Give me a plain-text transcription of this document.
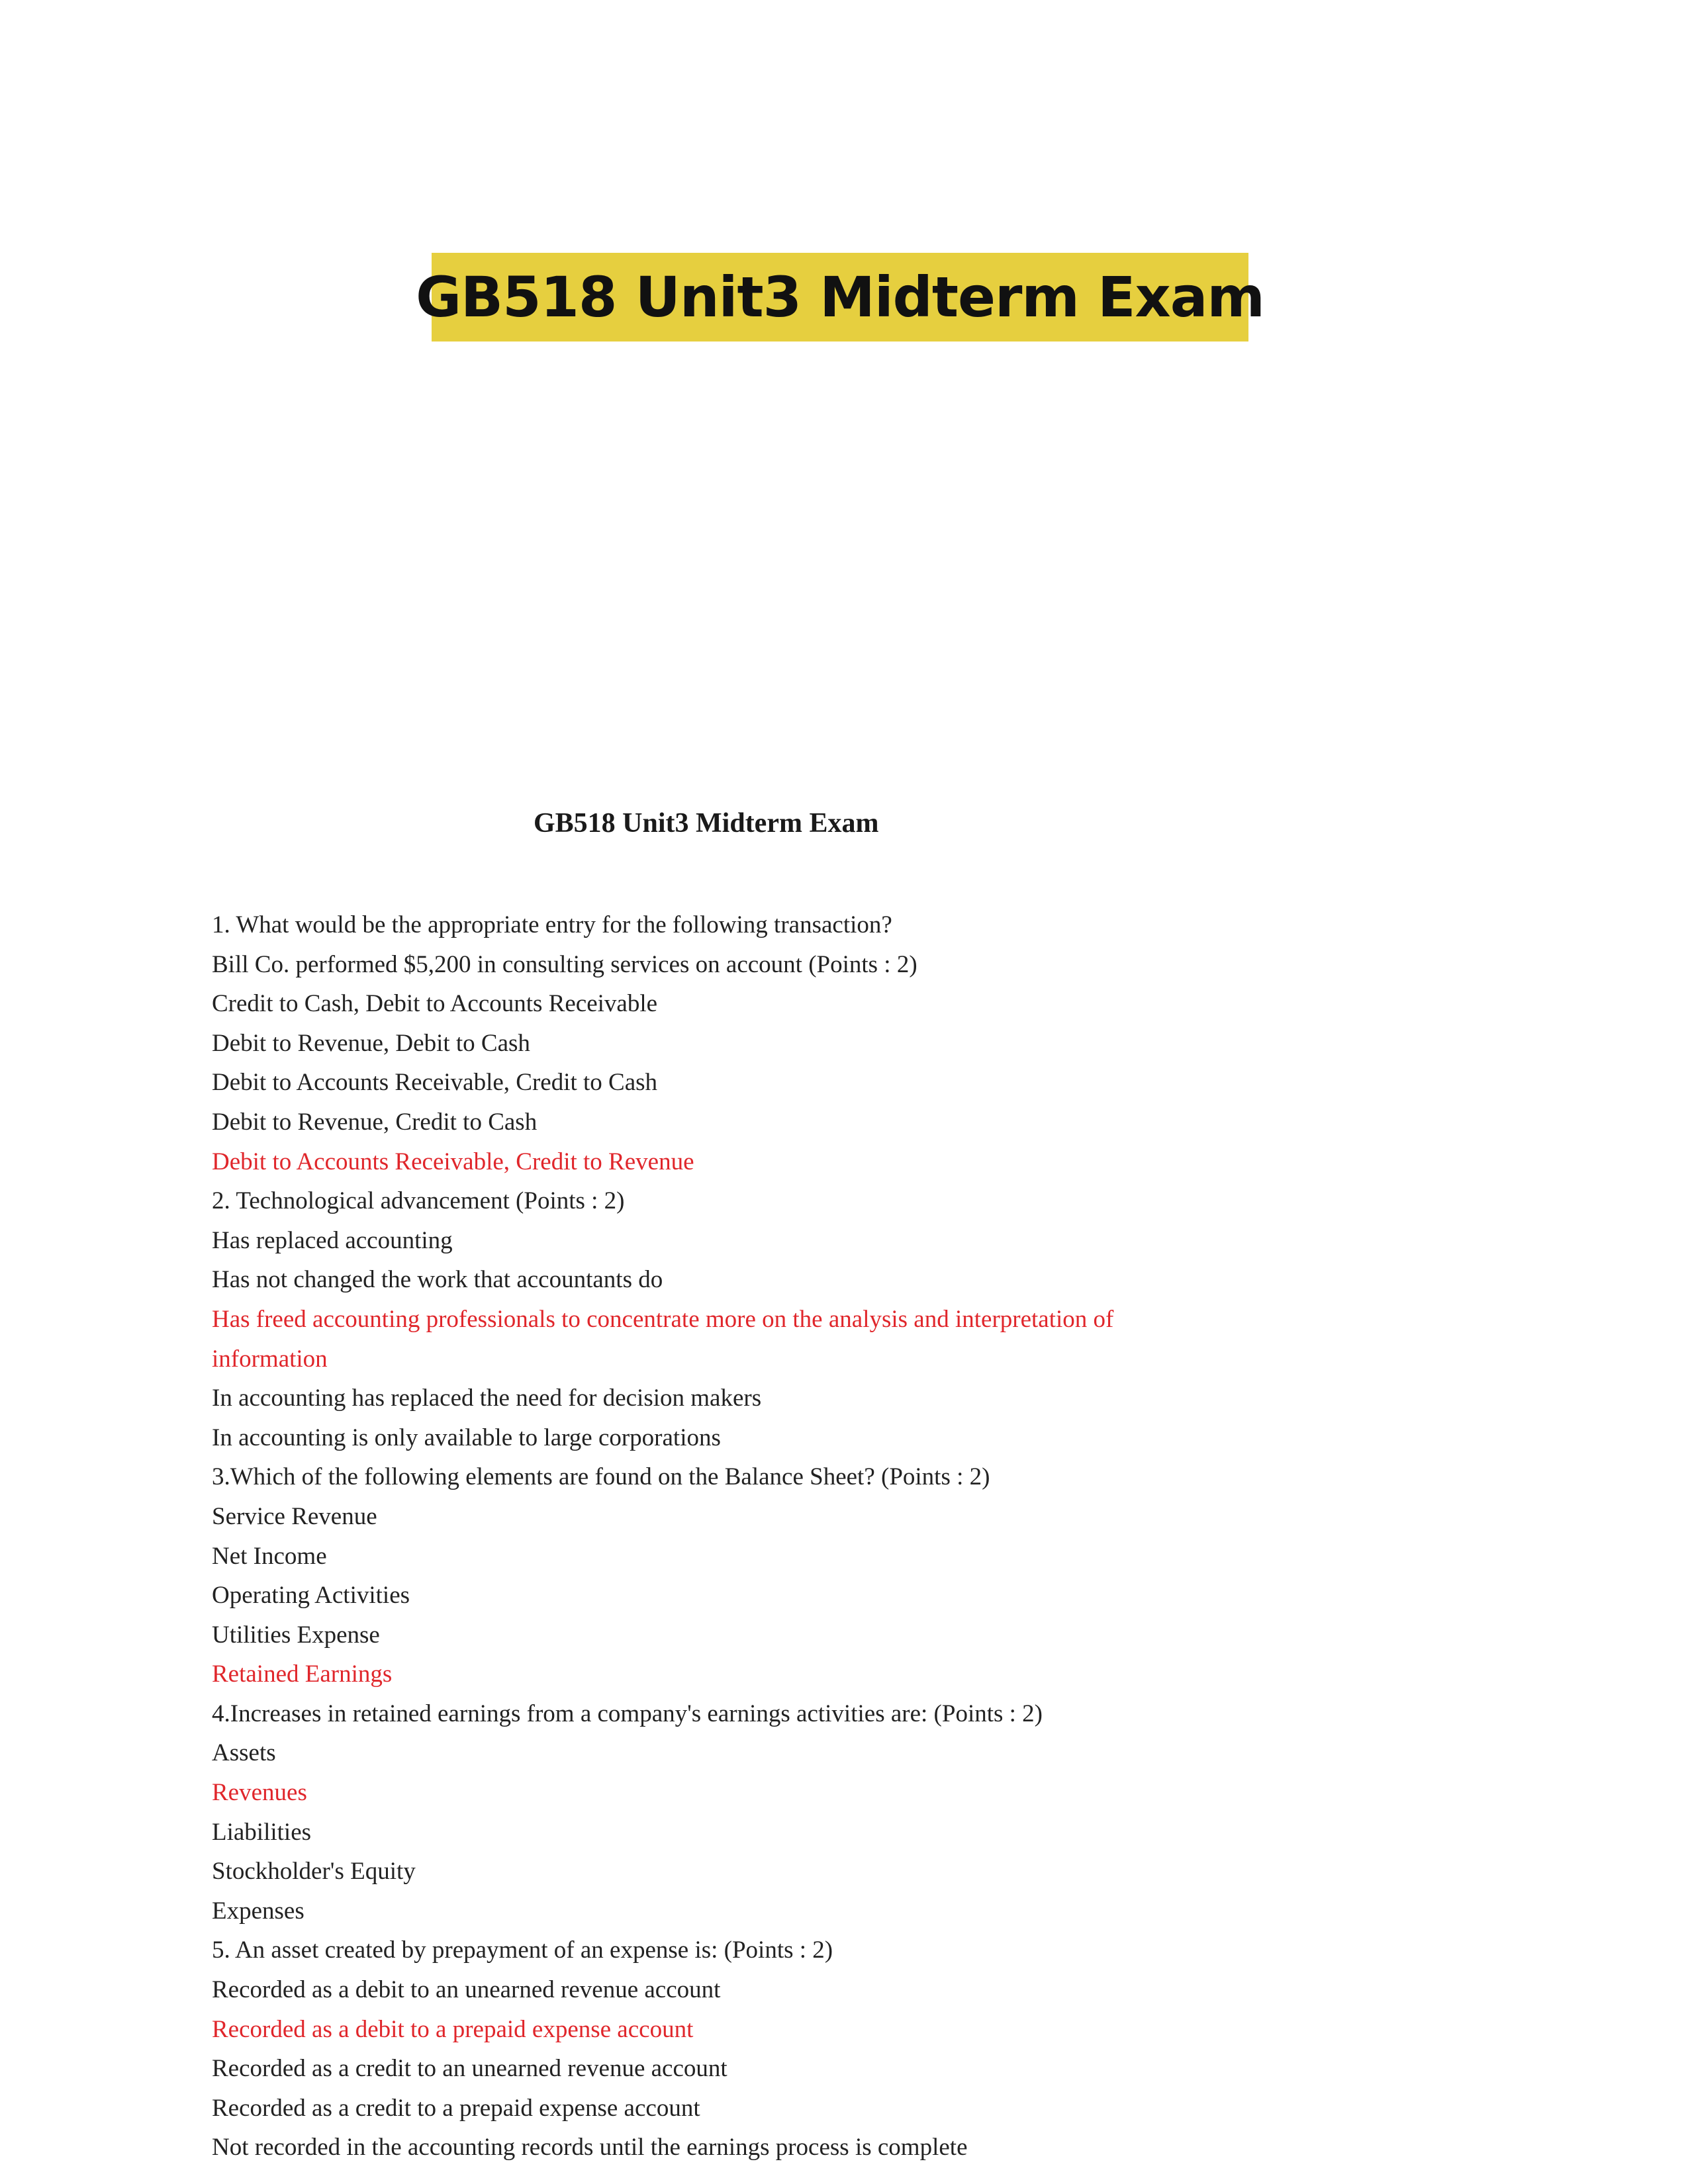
GB518 Unit3 Midterm Exam
GB518 Unit3 Midterm Exam
1. What would be the appropriate entry for the following transaction?
Bill Co. performed $5,200 in consulting services on account (Points : 2)
Credit to Cash, Debit to Accounts Receivable
Debit to Revenue, Debit to Cash
Debit to Accounts Receivable, Credit to Cash
Debit to Revenue, Credit to Cash
Debit to Accounts Receivable, Credit to Revenue
2. Technological advancement (Points : 2)
Has replaced accounting
Has not changed the work that accountants do
Has freed accounting professionals to concentrate more on the analysis and interpretation of
information
In accounting has replaced the need for decision makers
In accounting is only available to large corporations
3.Which of the following elements are found on the Balance Sheet? (Points : 2)
Service Revenue
Net Income
Operating Activities
Utilities Expense
Retained Earnings
4.Increases in retained earnings from a company's earnings activities are: (Points : 2)
Assets
Revenues
Liabilities
Stockholder's Equity
Expenses
5. An asset created by prepayment of an expense is: (Points : 2)
Recorded as a debit to an unearned revenue account
Recorded as a debit to a prepaid expense account
Recorded as a credit to an unearned revenue account
Recorded as a credit to a prepaid expense account
Not recorded in the accounting records until the earnings process is complete
